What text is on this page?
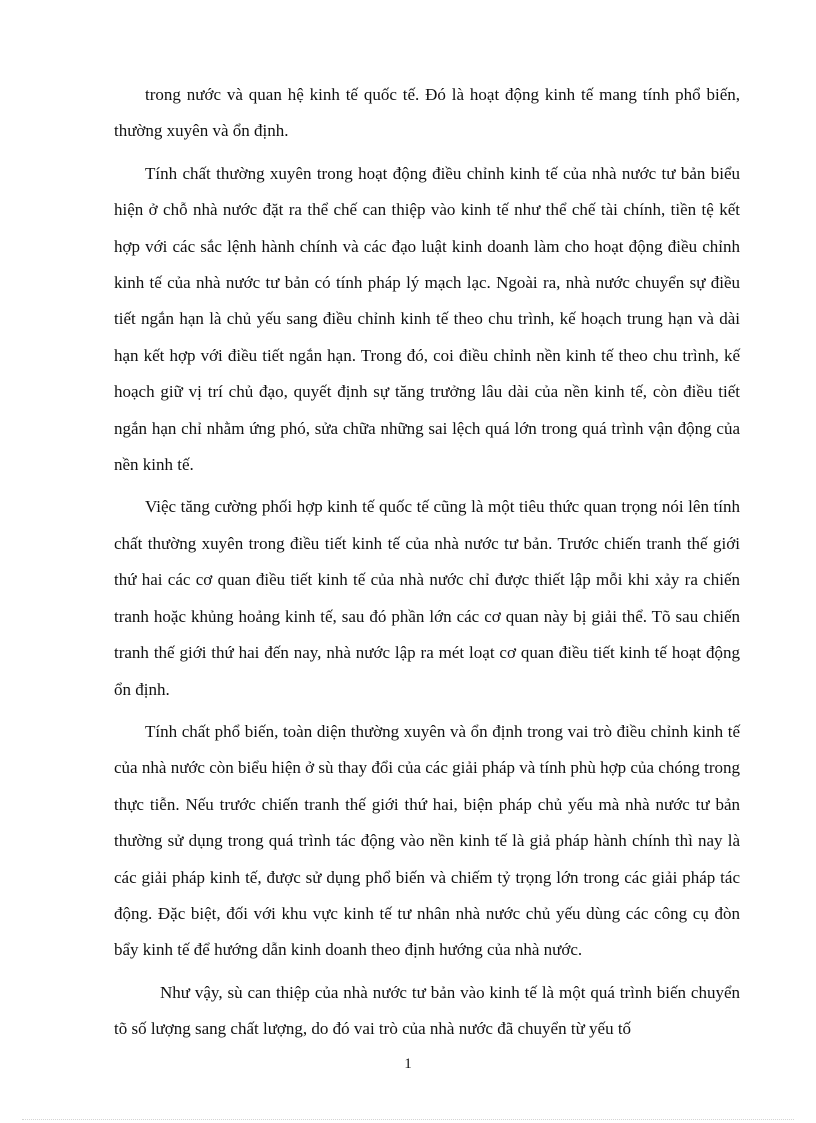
trong nước và quan hệ kinh tế quốc tế. Đó là hoạt động kinh tế mang tính phổ biến, thường xuyên và ổn định.

Tính chất thường xuyên trong hoạt động điều chỉnh kinh tế của nhà nước tư bản biểu hiện ở chỗ nhà nước đặt ra thể chế can thiệp vào kinh tế như thể chế tài chính, tiền tệ kết hợp với các sắc lệnh hành chính và các đạo luật kinh doanh làm cho hoạt động điều chỉnh kinh tế của nhà nước tư bản có tính pháp lý mạch lạc. Ngoài ra, nhà nước chuyển sự điều tiết ngắn hạn là chủ yếu sang điều chỉnh kinh tế theo chu trình, kế hoạch trung hạn và dài hạn kết hợp với điều tiết ngắn hạn. Trong đó, coi điều chỉnh nền kinh tế theo chu trình, kế hoạch giữ vị trí chủ đạo, quyết định sự tăng trưởng lâu dài của nền kinh tế, còn điều tiết ngắn hạn chỉ nhằm ứng phó, sửa chữa những sai lệch quá lớn trong quá trình vận động của nền kinh tế.

Việc tăng cường phối hợp kinh tế quốc tế cũng là một tiêu thức quan trọng nói lên tính chất thường xuyên trong điều tiết kinh tế của nhà nước tư bản. Trước chiến tranh thế giới thứ hai các cơ quan điều tiết kinh tế của nhà nước chỉ được thiết lập mỗi khi xảy ra chiến tranh hoặc khủng hoảng kinh tế, sau đó phần lớn các cơ quan này bị giải thể. Tõ sau chiến tranh thế giới thứ hai đến nay, nhà nước lập ra mét loạt cơ quan điều tiết kinh tế hoạt động ổn định.

Tính chất phổ biến, toàn diện thường xuyên và ổn định trong vai trò điều chỉnh kinh tế của nhà nước còn biểu hiện ở sù thay đổi của các giải pháp và tính phù hợp của chóng trong thực tiễn. Nếu trước chiến tranh thế giới thứ hai, biện pháp chủ yếu mà nhà nước tư bản thường sử dụng trong quá trình tác động vào nền kinh tế là giả pháp hành chính thì nay là các giải pháp kinh tế, được sử dụng phổ biến và chiếm tỷ trọng lớn trong các giải pháp tác động. Đặc biệt, đối với khu vực kinh tế tư nhân nhà nước chủ yếu dùng các công cụ đòn bẩy kinh tế để hướng dẫn kinh doanh theo định hướng của nhà nước.

Như vậy, sù can thiệp của nhà nước tư bản vào kinh tế là một quá trình biến chuyển tõ số lượng sang chất lượng, do đó vai trò của nhà nước đã chuyển từ yếu tố

1
